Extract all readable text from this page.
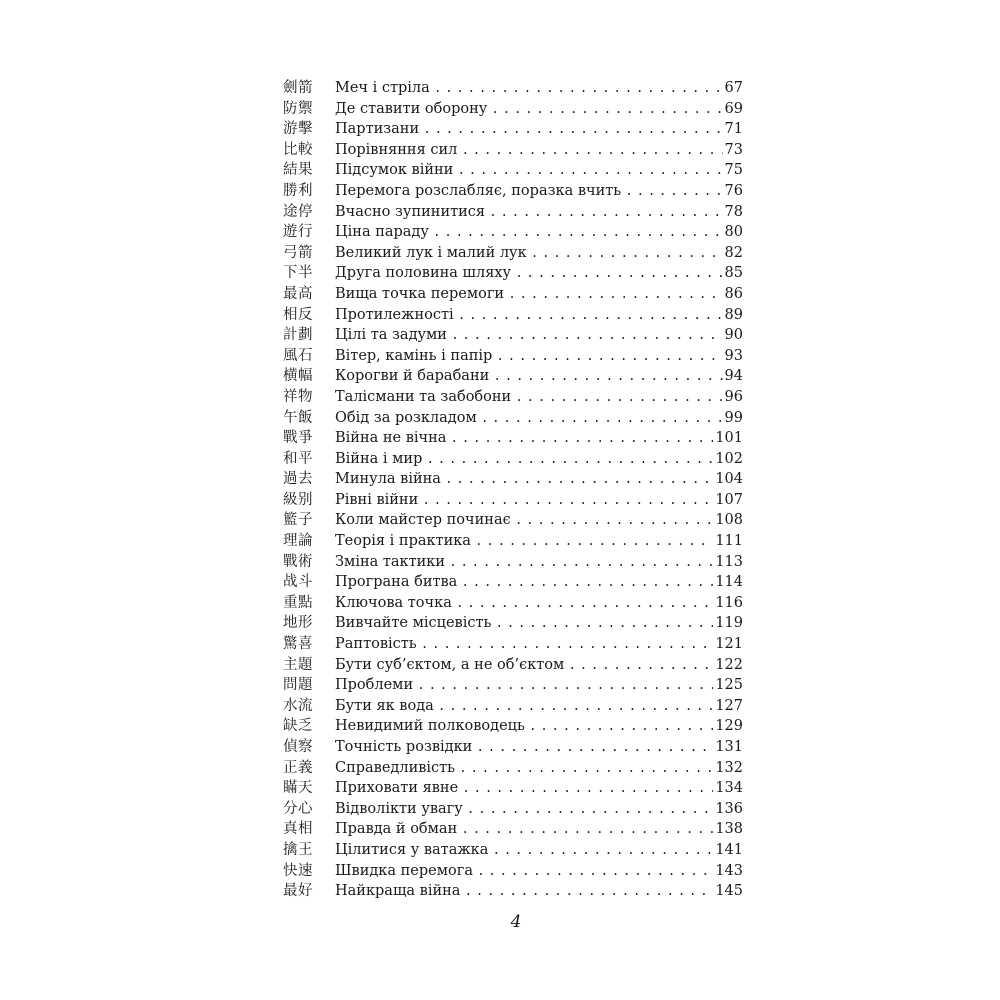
劍箭	Меч і стріла . . .	67
防禦	Де ставити оборону . . .	69
游擊	Партизани . . .	71
比較	Порівняння сил . . .	73
結果	Підсумок війни . . .	75
勝利	Перемога розслабляє, поразка вчить . . .	76
途停	Вчасно зупинитися . . .	78
遊行	Ціна параду . . .	80
弓箭	Великий лук і малий лук . . .	82
下半	Друга половина шляху . . .	85
最高	Вища точка перемоги . . .	86
相反	Протилежності . . .	89
計劃	Цілі та задуми . . .	90
風石	Вітер, камінь і папір . . .	93
横幅	Корогви й барабани . . .	94
祥物	Талісмани та забобони . . .	96
午飯	Обід за розкладом . . .	99
戰爭	Війна не вічна . . .	101
和平	Війна і мир . . .	102
過去	Минула війна . . .	104
級别	Рівні війни . . .	107
籃子	Коли майстер починає . . .	108
理論	Теорія і практика . . .	111
戰術	Зміна тактики . . .	113
战斗	Програна битва . . .	114
重點	Ключова точка . . .	116
地形	Вивчайте місцевість . . .	119
驚喜	Раптовість . . .	121
主題	Бути суб’єктом, а не об’єктом . . .	122
問題	Проблеми . . .	125
水流	Бути як вода . . .	127
缺乏	Невидимий полководець . . .	129
偵察	Точність розвідки . . .	131
正義	Справедливість . . .	132
瞞天	Приховати явне . . .	134
分心	Відволікти увагу . . .	136
真相	Правда й обман . . .	138
擒王	Цілитися у ватажка . . .	141
快速	Швидка перемога . . .	143
最好	Найкраща війна . . .	145
4
